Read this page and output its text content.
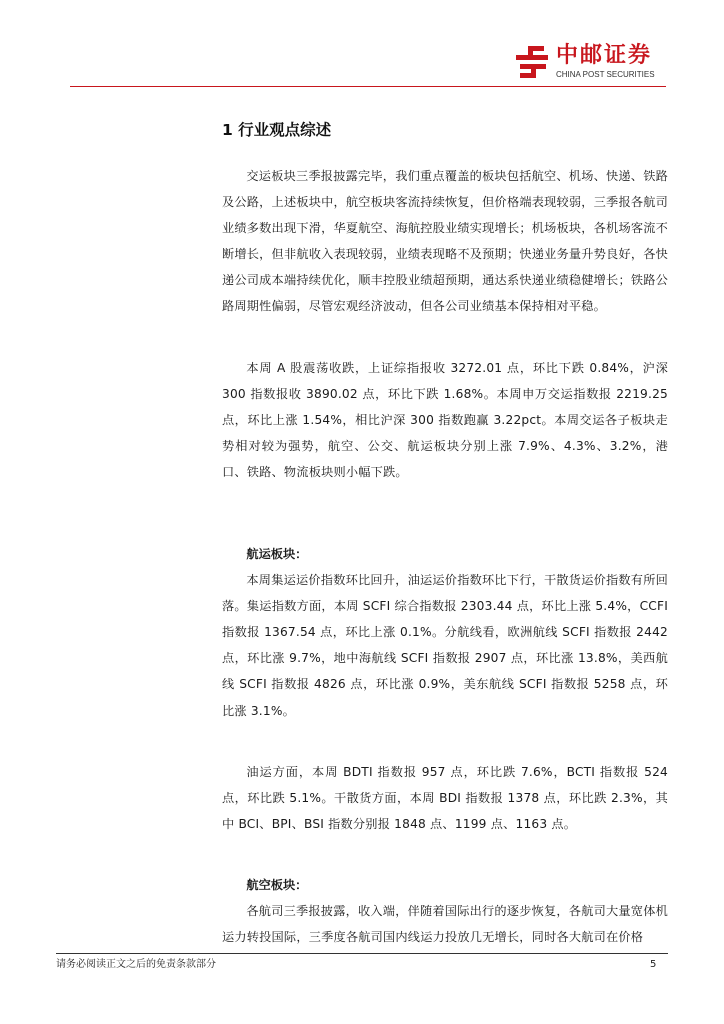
中邮证券
CHINA POST SECURITIES
1 行业观点综述

交运板块三季报披露完毕，我们重点覆盖的板块包括航空、机场、快递、铁路及公路，上述板块中，航空板块客流持续恢复，但价格端表现较弱，三季报各航司业绩多数出现下滑，华夏航空、海航控股业绩实现增长；机场板块，各机场客流不断增长，但非航收入表现较弱，业绩表现略不及预期；快递业务量升势良好，各快递公司成本端持续优化，顺丰控股业绩超预期，通达系快递业绩稳健增长；铁路公路周期性偏弱，尽管宏观经济波动，但各公司业绩基本保持相对平稳。

本周 A 股震荡收跌，上证综指报收 3272.01 点，环比下跌 0.84%，沪深 300 指数报收 3890.02 点，环比下跌 1.68%。本周申万交运指数报 2219.25 点，环比上涨 1.54%，相比沪深 300 指数跑赢 3.22pct。本周交运各子板块走势相对较为强势，航空、公交、航运板块分别上涨 7.9%、4.3%、3.2%，港口、铁路、物流板块则小幅下跌。

航运板块：

本周集运运价指数环比回升，油运运价指数环比下行，干散货运价指数有所回落。集运指数方面，本周 SCFI 综合指数报 2303.44 点，环比上涨 5.4%，CCFI 指数报 1367.54 点，环比上涨 0.1%。分航线看，欧洲航线 SCFI 指数报 2442 点，环比涨 9.7%，地中海航线 SCFI 指数报 2907 点，环比涨 13.8%，美西航线 SCFI 指数报 4826 点，环比涨 0.9%，美东航线 SCFI 指数报 5258 点，环比涨 3.1%。

油运方面，本周 BDTI 指数报 957 点，环比跌 7.6%，BCTI 指数报 524 点，环比跌 5.1%。干散货方面，本周 BDI 指数报 1378 点，环比跌 2.3%，其中 BCI、BPI、BSI 指数分别报 1848 点、1199 点、1163 点。

航空板块：

各航司三季报披露，收入端，伴随着国际出行的逐步恢复，各航司大量宽体机运力转投国际，三季度各航司国内线运力投放几无增长，同时各大航司在价格

请务必阅读正文之后的免责条款部分	5
